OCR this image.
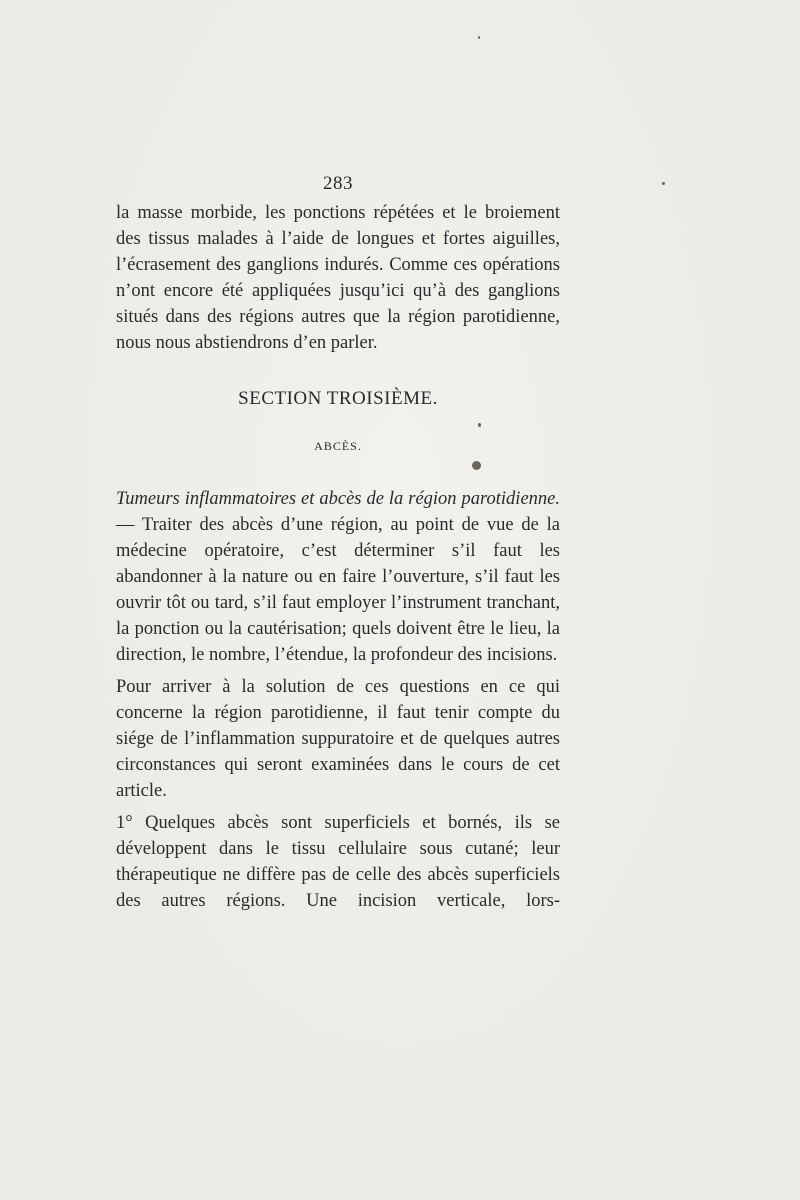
283

la masse morbide, les ponctions répétées et le broiement des tissus malades à l’aide de longues et fortes aiguilles, l’écrasement des ganglions indurés. Comme ces opérations n’ont encore été appliquées jusqu’ici qu’à des ganglions situés dans des régions autres que la région parotidienne, nous nous abstiendrons d’en parler.

SECTION TROISIÈME.
ABCÈS.

Tumeurs inflammatoires et abcès de la région parotidienne. — Traiter des abcès d’une région, au point de vue de la médecine opératoire, c’est déterminer s’il faut les abandonner à la nature ou en faire l’ouverture, s’il faut les ouvrir tôt ou tard, s’il faut employer l’instrument tranchant, la ponction ou la cautérisation; quels doivent être le lieu, la direction, le nombre, l’étendue, la profondeur des incisions.

Pour arriver à la solution de ces questions en ce qui concerne la région parotidienne, il faut tenir compte du siége de l’inflammation suppuratoire et de quelques autres circonstances qui seront examinées dans le cours de cet article.

1° Quelques abcès sont superficiels et bornés, ils se développent dans le tissu cellulaire sous cutané; leur thérapeutique ne diffère pas de celle des abcès superficiels des autres régions. Une incision verticale, lors-
